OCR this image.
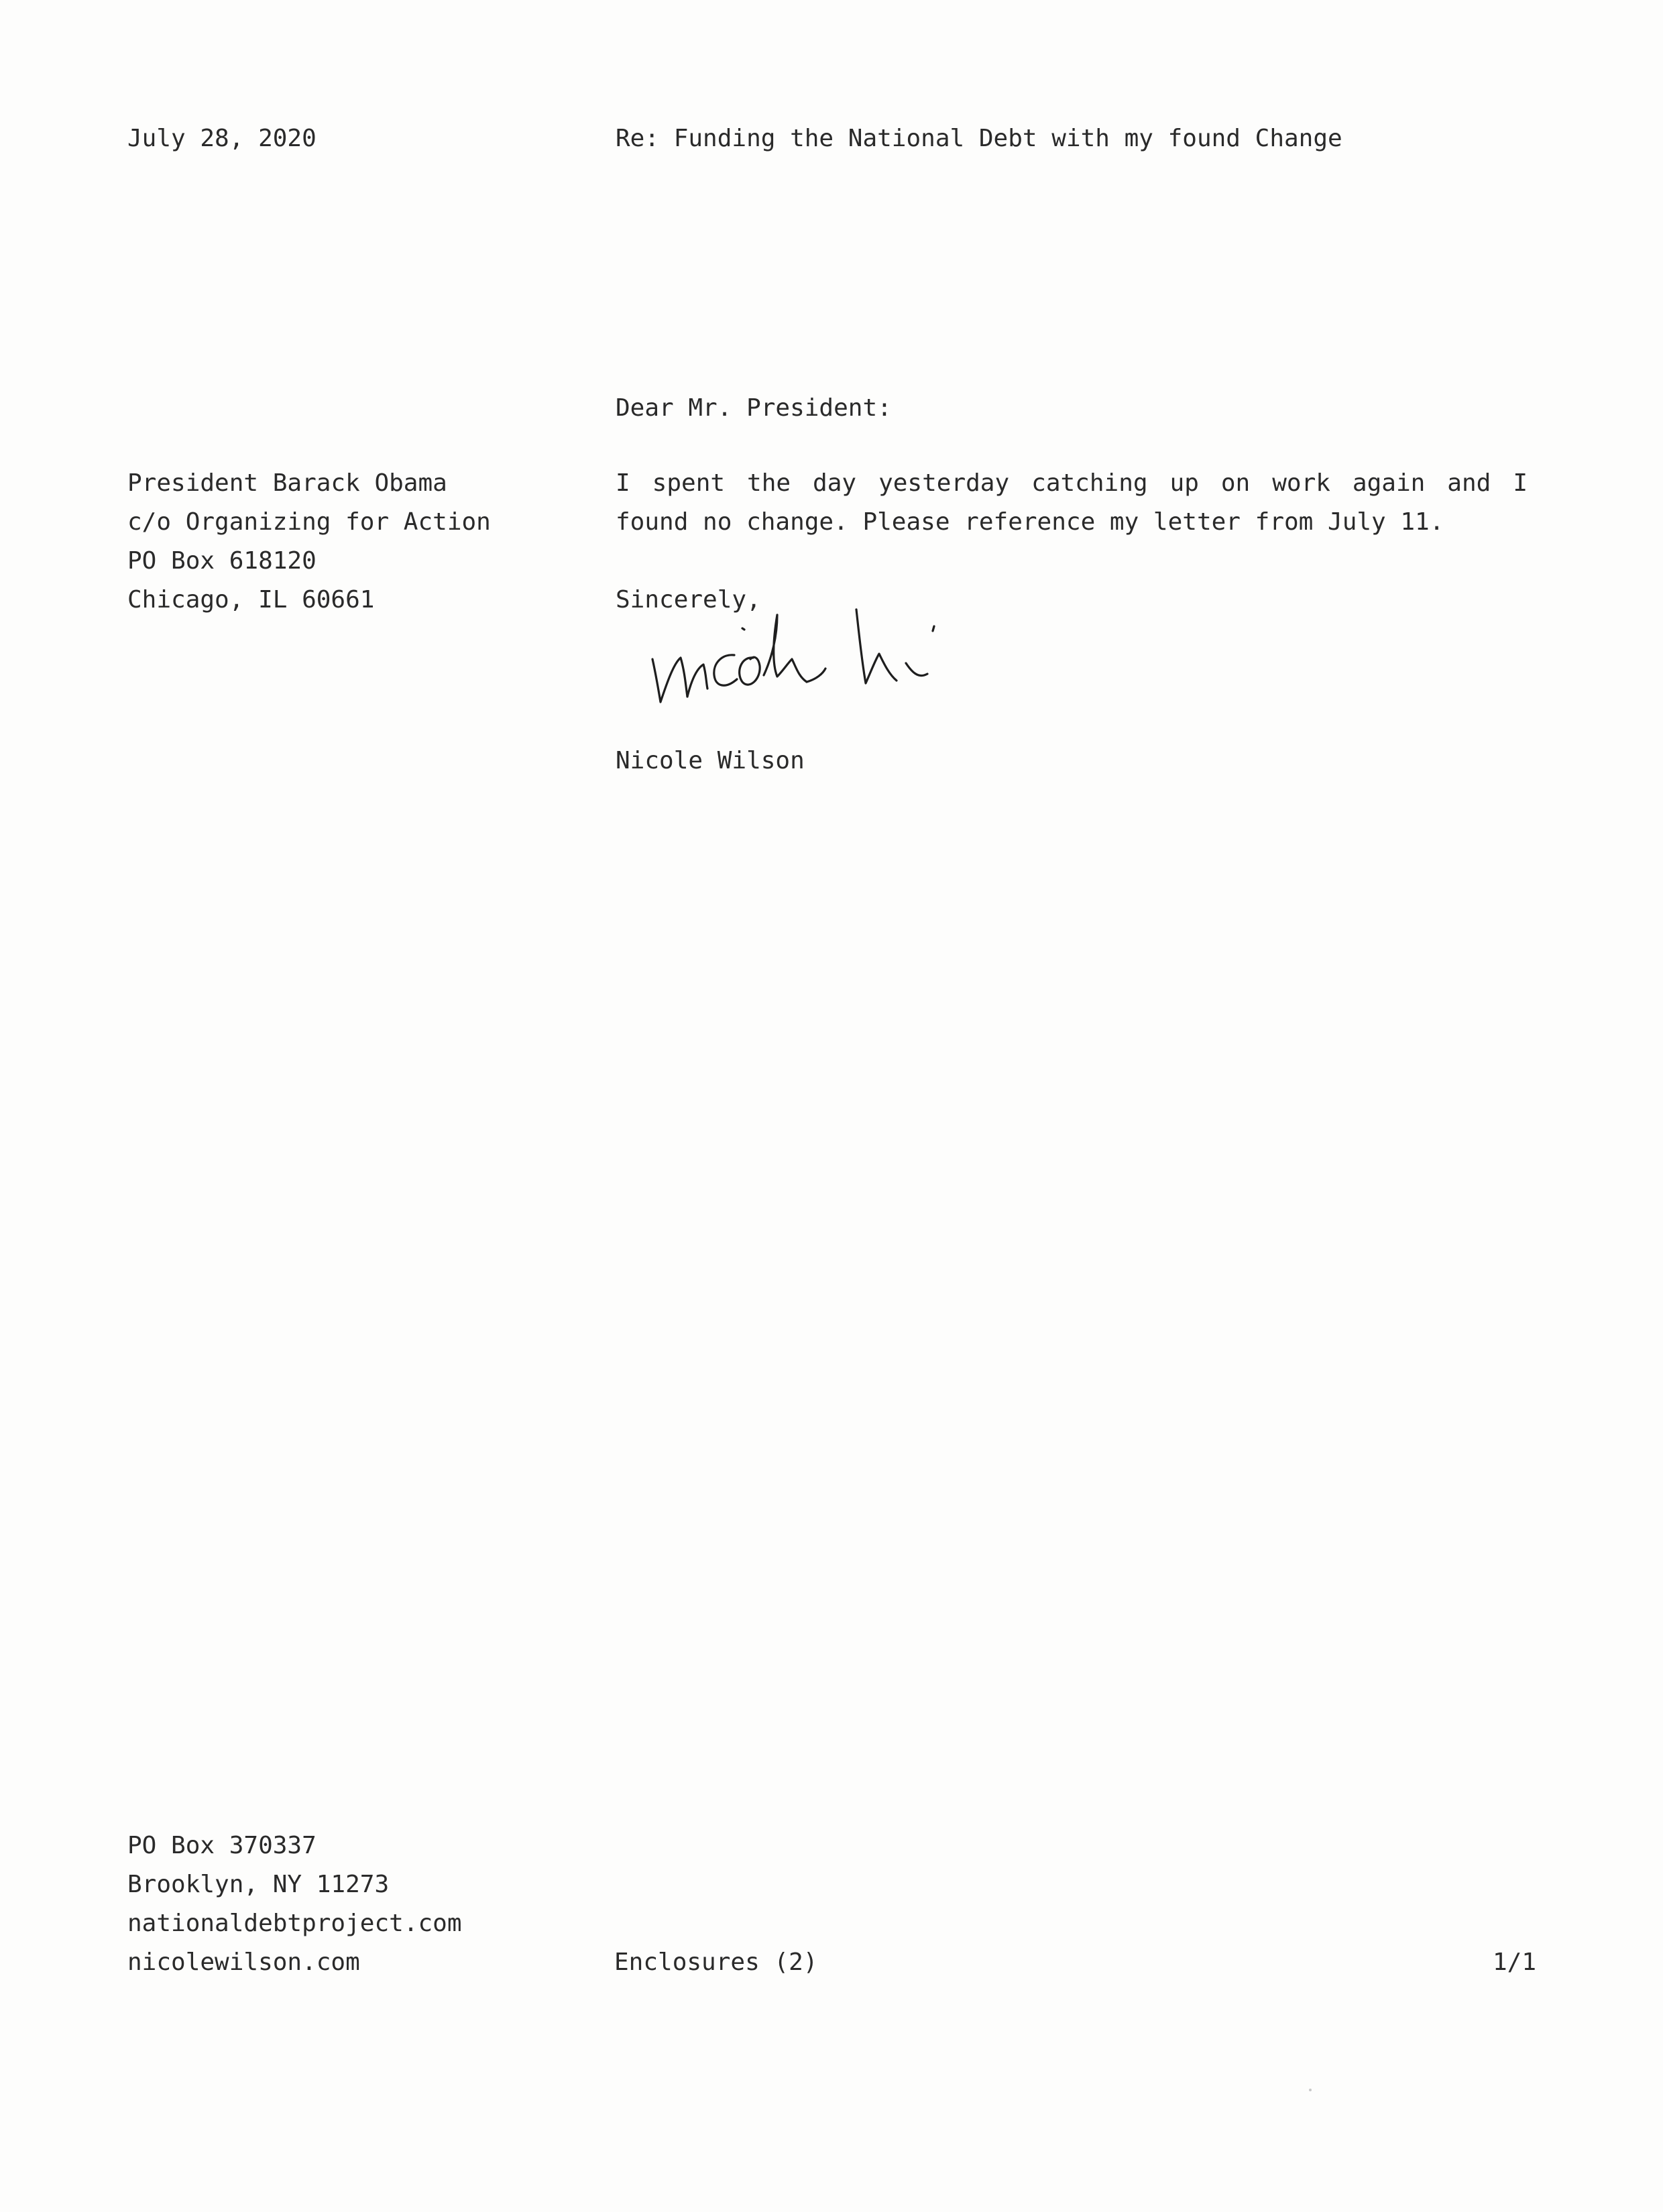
July 28, 2020	Re: Funding the National Debt with my found Change

Dear Mr. President:

President Barack Obama
c/o Organizing for Action
PO Box 618120
Chicago, IL 60661

I spent the day yesterday catching up on work again and I found no change. Please reference my letter from July 11.

Sincerely,

Nicole Wilson

PO Box 370337
Brooklyn, NY 11273
nationaldebtproject.com
nicolewilson.com	Enclosures (2)	1/1
